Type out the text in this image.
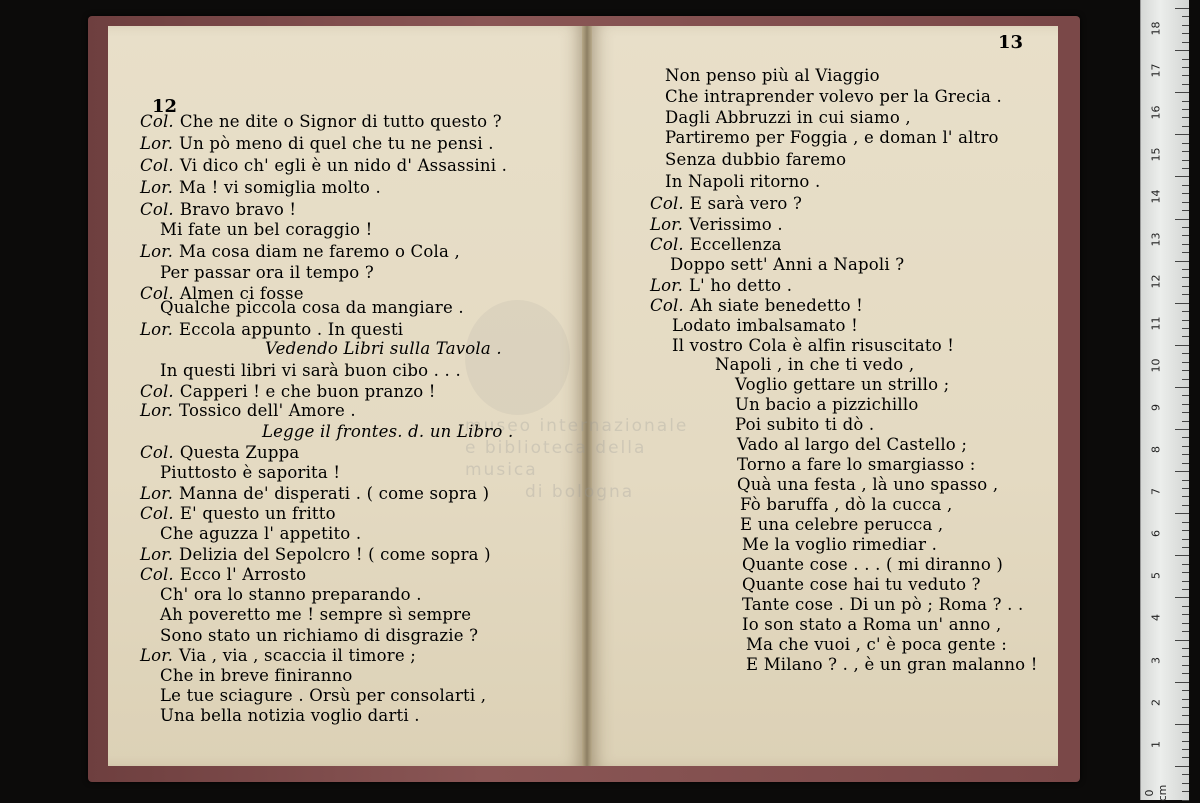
museo internazionale
e biblioteca della musica
di bologna
12
13
Col. Che ne dite o Signor di tutto questo ?
Lor. Un pò meno di quel che tu ne pensi .
Col. Vi dico ch' egli è un nido d' Assassini .
Lor. Ma ! vi somiglia molto .
Col. Bravo bravo !
Mi fate un bel coraggio !
Lor. Ma cosa diam ne faremo o Cola ,
Per passar ora il tempo ?
Col. Almen ci fosse
Qualche piccola cosa da mangiare .
Lor. Eccola appunto . In questi
Vedendo Libri sulla Tavola .
In questi libri vi sarà buon cibo . . .
Col. Capperi ! e che buon pranzo !
Lor. Tossico dell' Amore .
Legge il frontes. d. un Libro .
Col. Questa Zuppa
Piuttosto è saporita !
Lor. Manna de' disperati . ( come sopra )
Col. E' questo un fritto
Che aguzza l' appetito .
Lor. Delizia del Sepolcro ! ( come sopra )
Col. Ecco l' Arrosto
Ch' ora lo stanno preparando .
Ah poveretto me ! sempre sì sempre
Sono stato un richiamo di disgrazie ?
Lor. Via , via , scaccia il timore ;
Che in breve finiranno
Le tue sciagure . Orsù per consolarti ,
Una bella notizia voglio darti .
Non penso più al Viaggio
Che intraprender volevo per la Grecia .
Dagli Abbruzzi in cui siamo ,
Partiremo per Foggia , e doman l' altro
Senza dubbio faremo
In Napoli ritorno .
Col. E sarà vero ?
Lor. Verissimo .
Col. Eccellenza
Doppo sett' Anni a Napoli ?
Lor. L' ho detto .
Col. Ah siate benedetto !
Lodato imbalsamato !
Il vostro Cola è alfin risuscitato !
Napoli , in che ti vedo ,
Voglio gettare un strillo ;
Un bacio a pizzichillo
Poi subito ti dò .
Vado al largo del Castello ;
Torno a fare lo smargiasso :
Quà una festa , là uno spasso ,
Fò baruffa , dò la cucca ,
E una celebre perucca ,
Me la voglio rimediar .
Quante cose . . . ( mi diranno )
Quante cose hai tu veduto ?
Tante cose . Di un pò ; Roma ? . .
Io son stato a Roma un' anno ,
Ma che vuoi , c' è poca gente :
E Milano ? . , è un gran malanno !
18
17
16
15
14
13
12
11
10
9
8
7
6
5
4
3
2
1
0 cm
